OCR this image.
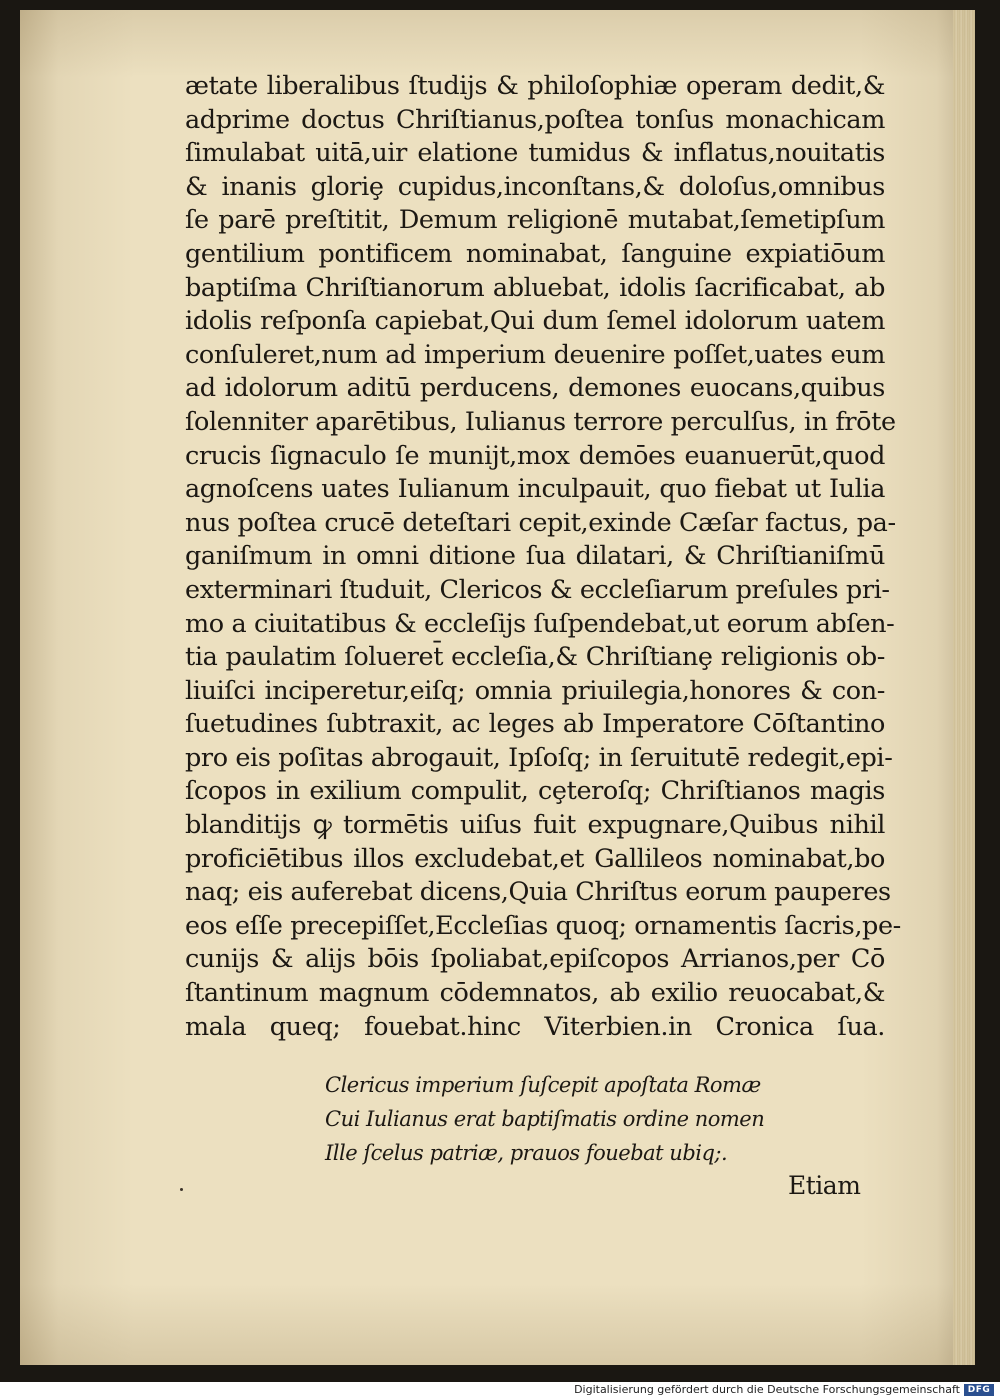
ætate liberalibus ſtudijs & philoſophiæ operam dedit,&
adprime doctus Chriſtianus,poſtea tonſus monachicam
ſimulabat uitā,uir elatione tumidus & inflatus,nouitatis
& inanis gloriȩ cupidus,inconſtans,& doloſus,omnibus
ſe parē preſtitit, Demum religionē mutabat,ſemetipſum
gentilium pontificem nominabat, ſanguine expiatiōum
baptiſma Chriſtianorum abluebat, idolis ſacrificabat, ab
idolis reſponſa capiebat,Qui dum ſemel idolorum uatem
conſuleret,num ad imperium deuenire poſſet,uates eum
ad idolorum aditū perducens, demones euocans,quibus
ſolenniter aparētibus, Iulianus terrore perculſus, in frōte
crucis ſignaculo ſe munijt,mox demōes euanuerūt,quod
agnoſcens uates Iulianum inculpauit, quo fiebat ut Iulia
nus poſtea crucē deteſtari cepit,exinde Cæſar factus, pa-
ganiſmum in omni ditione ſua dilatari, & Chriſtianiſmū
exterminari ſtuduit, Clericos & eccleſiarum preſules pri-
mo a ciuitatibus & eccleſijs ſuſpendebat,ut eorum abſen-
tia paulatim ſolueret̄ eccleſia,& Chriſtianȩ religionis ob-
liuiſci inciperetur,eiſq; omnia priuilegia,honores & con-
ſuetudines ſubtraxit, ac leges ab Imperatore Cōſtantino
pro eis poſitas abrogauit, Ipſoſq; in ſeruitutē redegit,epi-
ſcopos in exilium compulit, cȩteroſq; Chriſtianos magis
blanditijs ꝙ tormētis uiſus fuit expugnare,Quibus nihil
proficiētibus illos excludebat,et Gallileos nominabat,bo
naq; eis auferebat dicens,Quia Chriſtus eorum pauperes
eos eſſe precepiſſet,Eccleſias quoq; ornamentis ſacris,pe-
cunijs & alijs bōis ſpoliabat,epiſcopos Arrianos,per Cō
ſtantinum magnum cōdemnatos, ab exilio reuocabat,&
mala queq; fouebat.hinc Viterbien.in Cronica ſua.
Clericus imperium ſuſcepit apoſtata Romæ
Cui Iulianus erat baptiſmatis ordine nomen
Ille ſcelus patriæ, prauos fouebat ubiq;.
Etiam
Digitalisierung gefördert durch die Deutsche Forschungsgemeinschaft DFG
